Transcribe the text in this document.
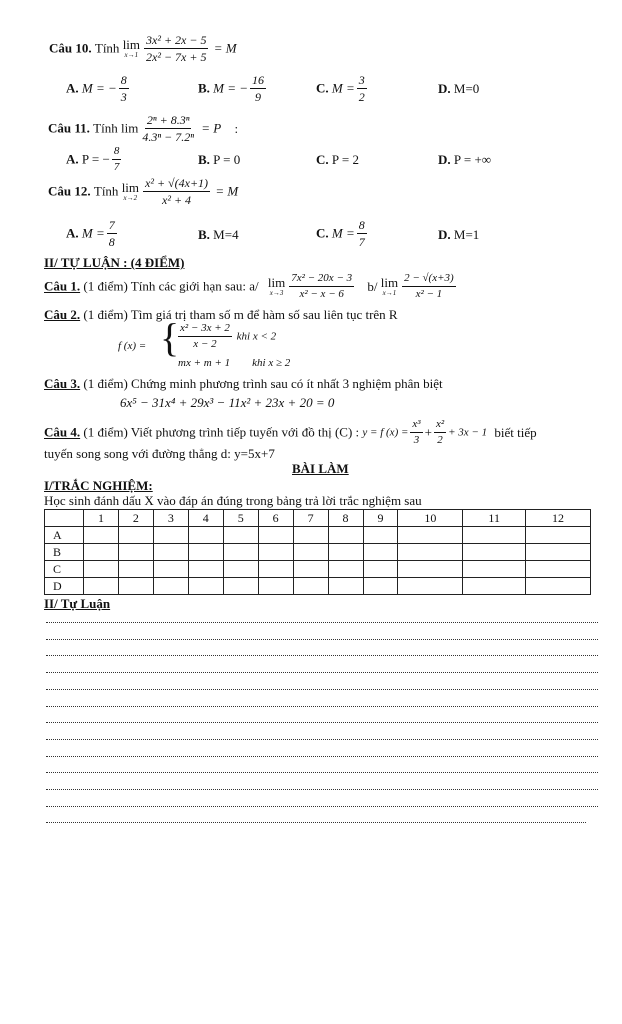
Câu 10. Tính lim
$x\to 1 \frac{\text{3x² + 2x − 5}}{\text{2x² − 7x + 5}} = M$
A. M = − $\frac{8}{3}$	B. M = − $\frac{16}{9}$	C. $M = \frac{3}{2}$	D. M=0
Câu 11. Tính $\lim \frac{\text{2ⁿ + 8.3ⁿ}}{\text{4.3ⁿ − 7.2ⁿ}} = P$ :
A. P = − $\frac{8}{7}$	B. P = 0	C. P = 2	D. P = +∞
Câu 12. Tính lim
$x\to 2 \frac{\text{x² + √(4x+1)}}{\text{x² + 4}} = M$
A. $M = \frac{7}{8}$	B. M=4	C. $M = \frac{8}{7}$	D. M=1
II/ TỰ LUẬN : (4 ĐIỂM)
Câu 1. (1 điểm) Tính các giới hạn sau: a/ lim
$x\to 3 \frac{\text{7x² − 20x − 3}}{\text{x² − x − 6}} b/$ lim
$x\to 1 \frac{2 - √(x+3)}{\text{x² − 1}}$
Câu 2. (1 điểm) Tìm giá trị tham số m để hàm số sau liên tục trên R
f (x) = {
$\frac{\text{x² − 3x + 2}}{x - 2}$ khi x < 2
mx + m + 1 khi x ≥ 2
Câu 3. (1 điểm) Chứng minh phương trình sau có ít nhất 3 nghiệm phân biệt
6x⁵ − 31x⁴ + 29x³ − 11x² + 23x + 20 = 0
Câu 4. (1 điểm) Viết phương trình tiếp tuyến với đồ thị (C) : y = f $(x) = \frac{\text{x³}}{3} + \frac{\text{x²}}{2} + 3x - 1$ biết tiếp
tuyến song song với đường thẳng d: y=5x+7
BÀI LÀM
I/TRẮC NGHIỆM:
Học sinh đánh dấu X vào đáp án đúng trong bảng trả lời trắc nghiệm sau
	1	2	3	4	5	6	7	8	9	10	11	12
A												
B												
C												
D												
II/ Tự Luận
